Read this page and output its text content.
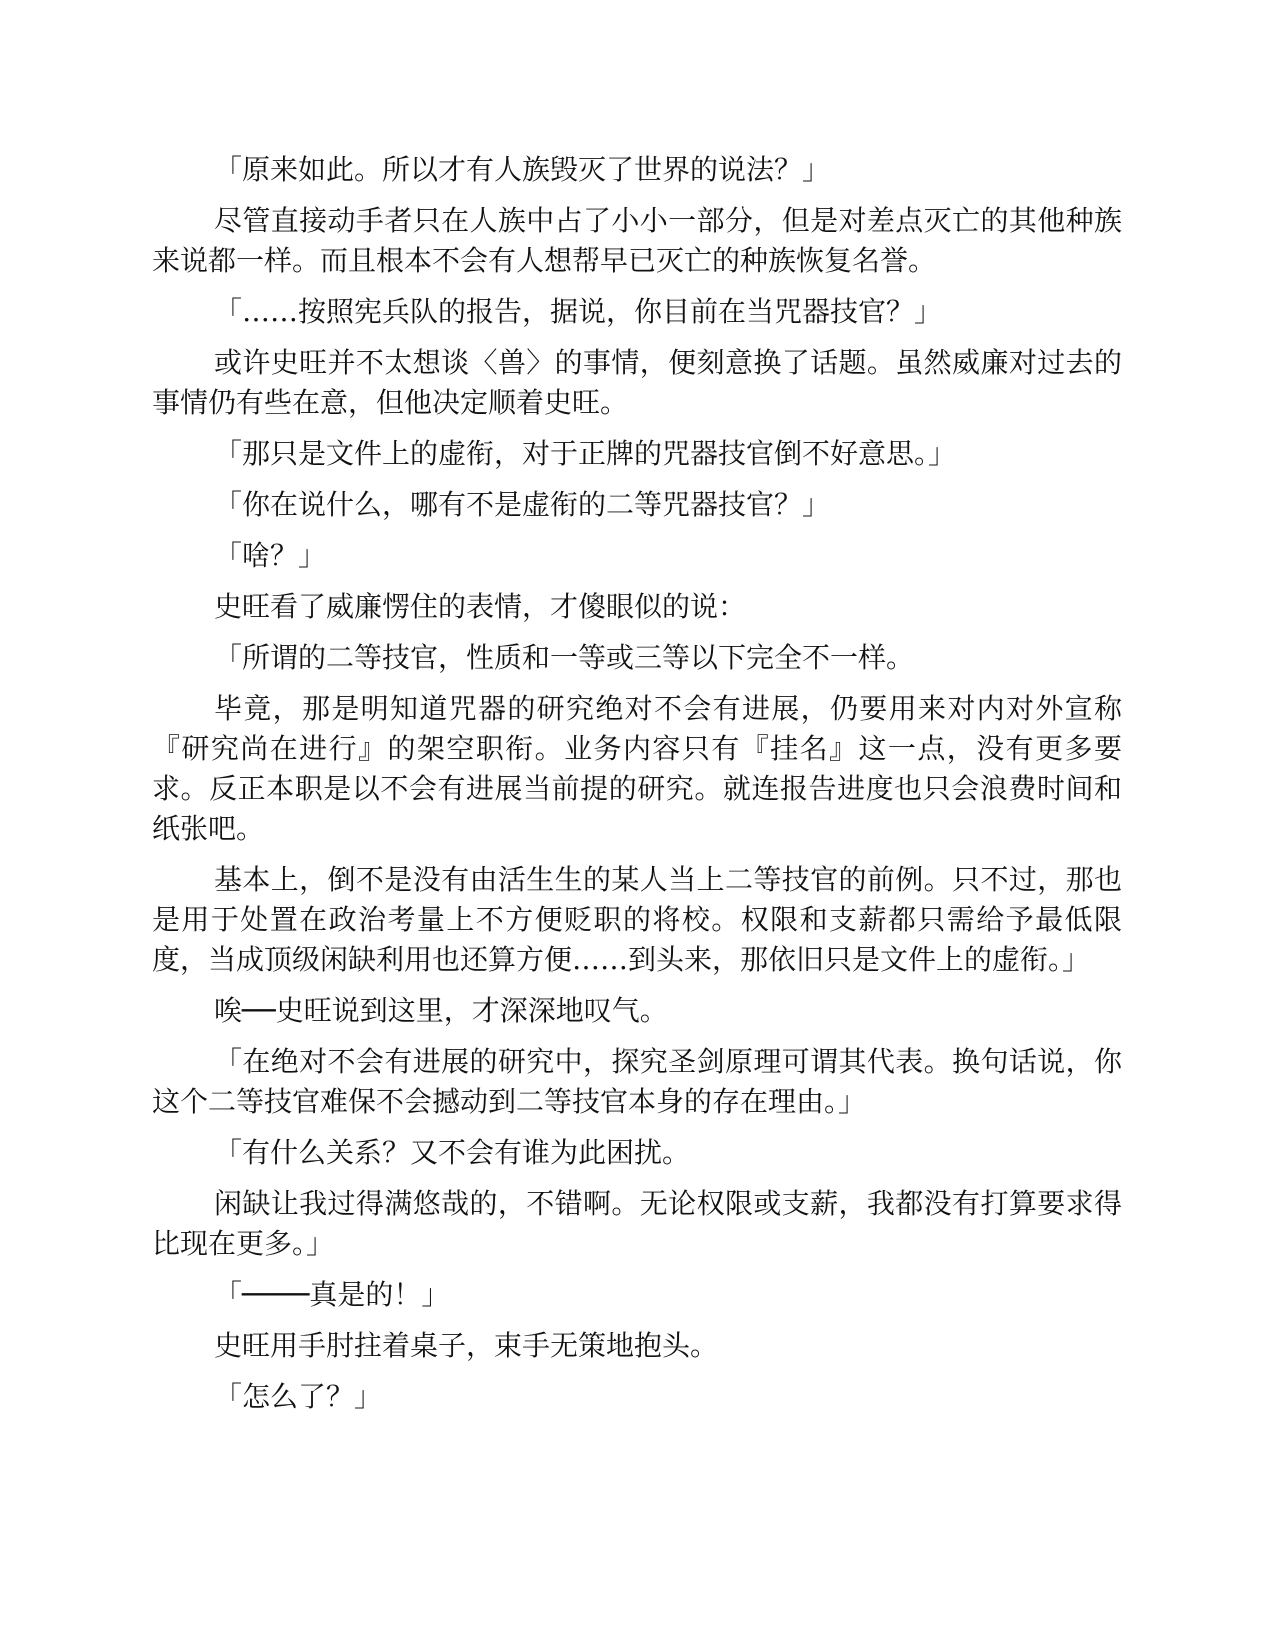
「原来如此。所以才有人族毁灭了世界的说法？」

尽管直接动手者只在人族中占了小小一部分，但是对差点灭亡的其他种族来说都一样。而且根本不会有人想帮早已灭亡的种族恢复名誉。

「……按照宪兵队的报告，据说，你目前在当咒器技官？」

或许史旺并不太想谈〈兽〉的事情，便刻意换了话题。虽然威廉对过去的事情仍有些在意，但他决定顺着史旺。

「那只是文件上的虚衔，对于正牌的咒器技官倒不好意思。」

「你在说什么，哪有不是虚衔的二等咒器技官？」

「啥？」

史旺看了威廉愣住的表情，才傻眼似的说：

「所谓的二等技官，性质和一等或三等以下完全不一样。

毕竟，那是明知道咒器的研究绝对不会有进展，仍要用来对内对外宣称『研究尚在进行』的架空职衔。业务内容只有『挂名』这一点，没有更多要求。反正本职是以不会有进展当前提的研究。就连报告进度也只会浪费时间和纸张吧。

基本上，倒不是没有由活生生的某人当上二等技官的前例。只不过，那也是用于处置在政治考量上不方便贬职的将校。权限和支薪都只需给予最低限度，当成顶级闲缺利用也还算方便……到头来，那依旧只是文件上的虚衔。」

唉──史旺说到这里，才深深地叹气。

「在绝对不会有进展的研究中，探究圣剑原理可谓其代表。换句话说，你这个二等技官难保不会撼动到二等技官本身的存在理由。」

「有什么关系？又不会有谁为此困扰。

闲缺让我过得满悠哉的，不错啊。无论权限或支薪，我都没有打算要求得比现在更多。」

「────真是的！」

史旺用手肘拄着桌子，束手无策地抱头。

「怎么了？」
